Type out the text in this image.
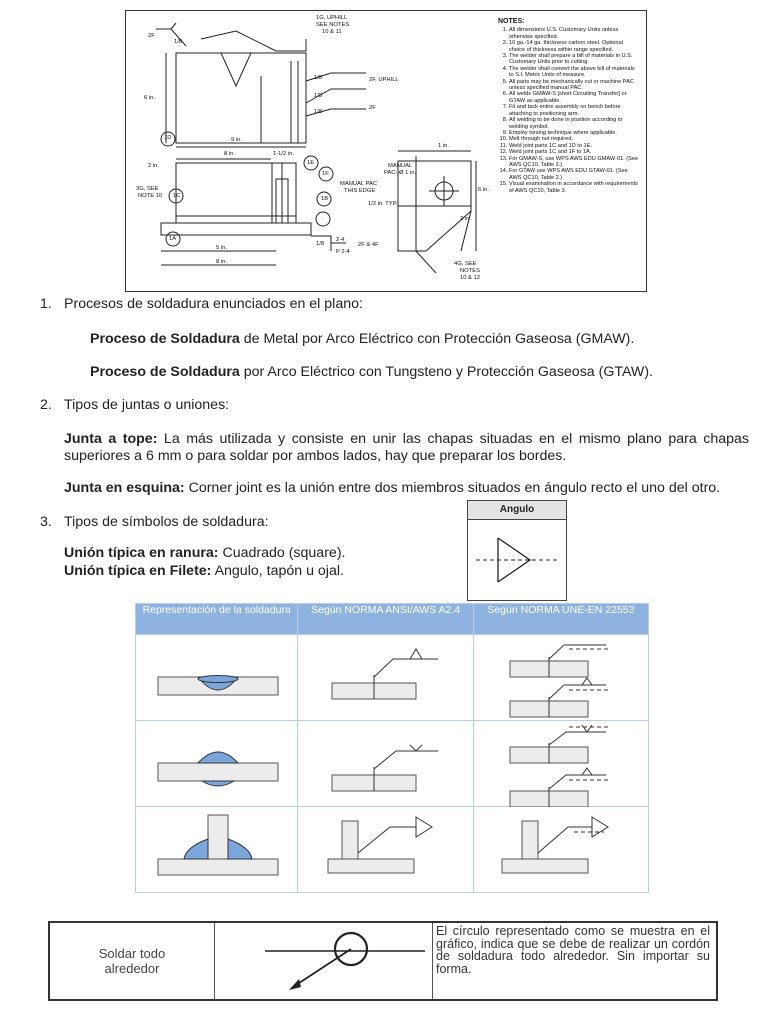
1G, UPHILL
SEE NOTES
10 & 11
2F
1/8
2F, UPHILL
1/8
1/8
1/8
2F
6 in.
9 in.
8 in.	1-1/2 in.
2 in.
1D
1F
1B
1E
1C
1A
3G, SEE
NOTE 10
MANUAL PAC
THIS EDGE
MANUAL
PAC- Ø 1 in.
1/2 in. TYP.
5 in.
8 in.
1/8
2-4
P 2-4
2F & 4F
4G, SEE
NOTES
10 & 12
1 in.
6 in.
2 in.
NOTES:
1. All dimensions U.S. Customary Units unless otherwise specified.
2. 10 ga.-14 ga. thickness carbon steel. Optional choice of thickness within range specified.
3. The welder shall prepare a bill of materials in U.S. Customary Units prior to cutting.
4. The welder shall convert the above bill of materials to S.I. Metric Units of measure.
5. All parts may be mechanically cut or machine PAC unless specified manual PAC.
6. All welds GMAW-S [short Circuiting Transfer] or GTAW as applicable.
7. Fit and tack entire assembly on bench before attaching to positioning arm.
8. All welding to be done in position according to welding symbol.
9. Employ torsing technique where applicable.
10. Melt through not required.
11. Weld joint parts 1C and 1D to 1E.
12. Weld joint parts 1C and 1F to 1A.
13. For GMAW-S, use WPS AWS EDU GMAW-01. (See AWS QC10, Table 2.)
14. For GTAW use WPS AWS EDU GTAW-01. (See AWS QC10, Table 2.)
15. Visual examination in accordance with requirements of AWS QC10, Table 3.
1. Procesos de soldadura enunciados en el plano:
Proceso de Soldadura de Metal por Arco Eléctrico con Protección Gaseosa (GMAW).
Proceso de Soldadura por Arco Eléctrico con Tungsteno y Protección Gaseosa (GTAW).
2. Tipos de juntas o uniones:
Junta a tope: La más utilizada y consiste en unir las chapas situadas en el mismo plano para chapas superiores a 6 mm o para soldar por ambos lados, hay que preparar los bordes.
Junta en esquina: Corner joint es la unión entre dos miembros situados en ángulo recto el uno del otro.
3. Tipos de símbolos de soldadura:
Unión típica en ranura: Cuadrado (square).
Unión típica en Filete: Angulo, tapón u ojal.
Angulo
Representación de la soldadura	Según NORMA ANSI/AWS A2.4	Según NORMA UNE-EN 22553

Soldar todo
alrededor
El círculo representado como se muestra en el gráfico, indica que se debe de realizar un cordón de soldadura todo alrededor. Sin importar su forma.
